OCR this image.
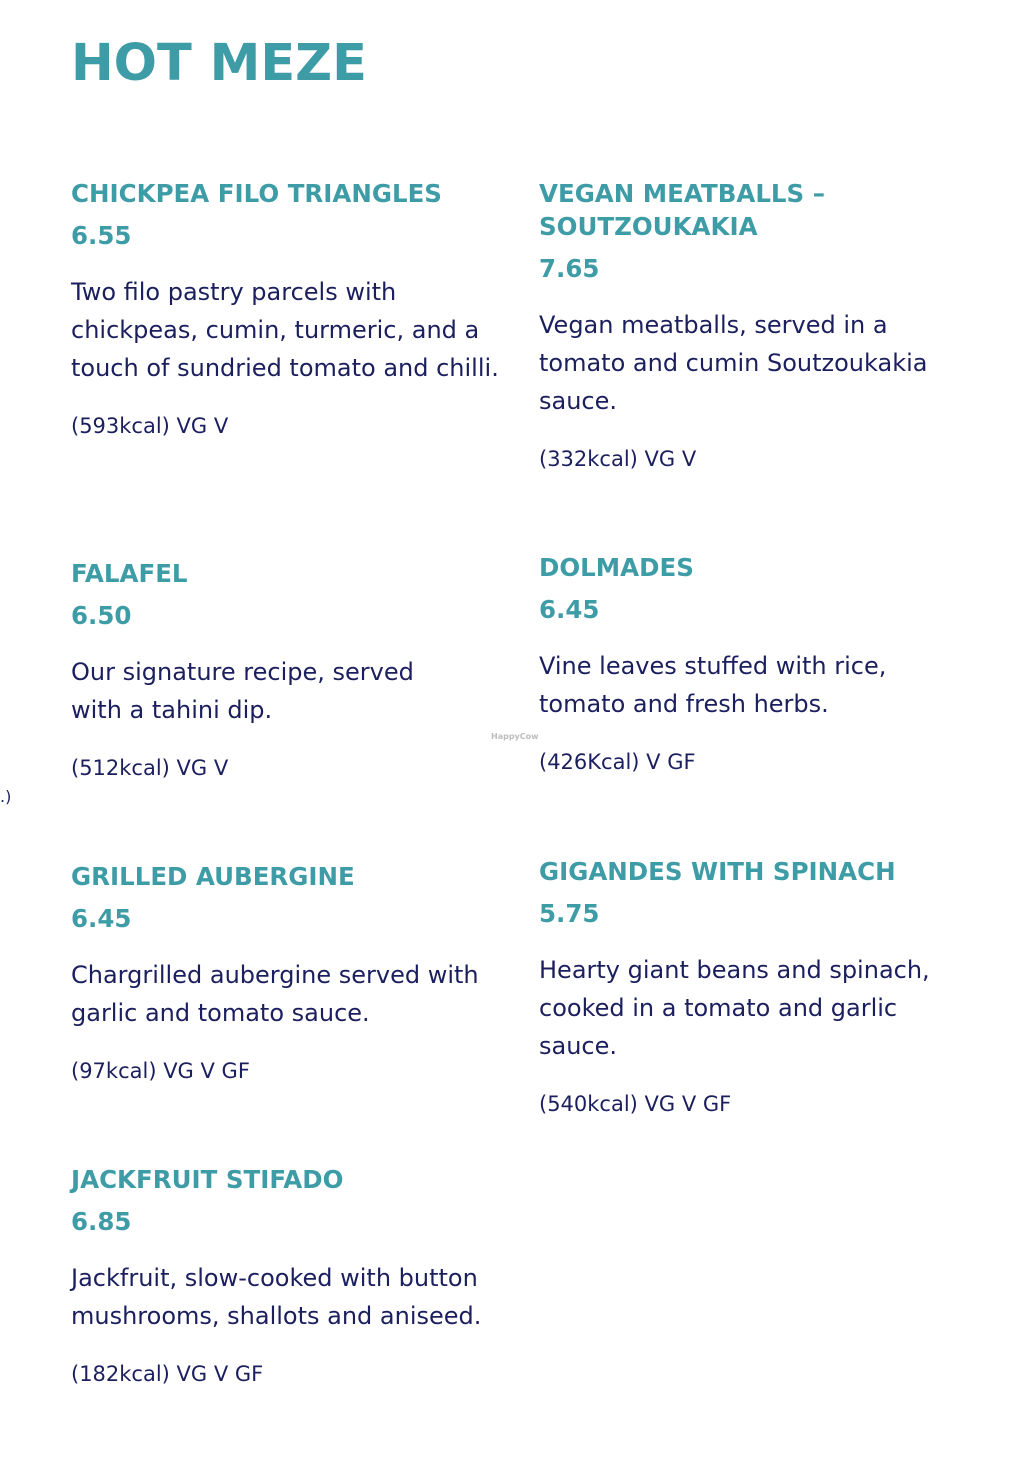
HOT MEZE
CHICKPEA FILO TRIANGLES
6.55
Two filo pastry parcels with chickpeas, cumin, turmeric, and a touch of sundried tomato and chilli.
(593kcal) VG V
VEGAN MEATBALLS – SOUTZOUKAKIA
7.65
Vegan meatballs, served in a tomato and cumin Soutzoukakia sauce.
(332kcal) VG V
FALAFEL
6.50
Our signature recipe, served with a tahini dip.
(512kcal) VG V
DOLMADES
6.45
Vine leaves stuffed with rice, tomato and fresh herbs.
(426Kcal) V GF
GRILLED AUBERGINE
6.45
Chargrilled aubergine served with garlic and tomato sauce.
(97kcal) VG V GF
GIGANDES WITH SPINACH
5.75
Hearty giant beans and spinach, cooked in a tomato and garlic sauce.
(540kcal) VG V GF
JACKFRUIT STIFADO
6.85
Jackfruit, slow-cooked with button mushrooms, shallots and aniseed.
(182kcal) VG V GF
HappyCow
.)
